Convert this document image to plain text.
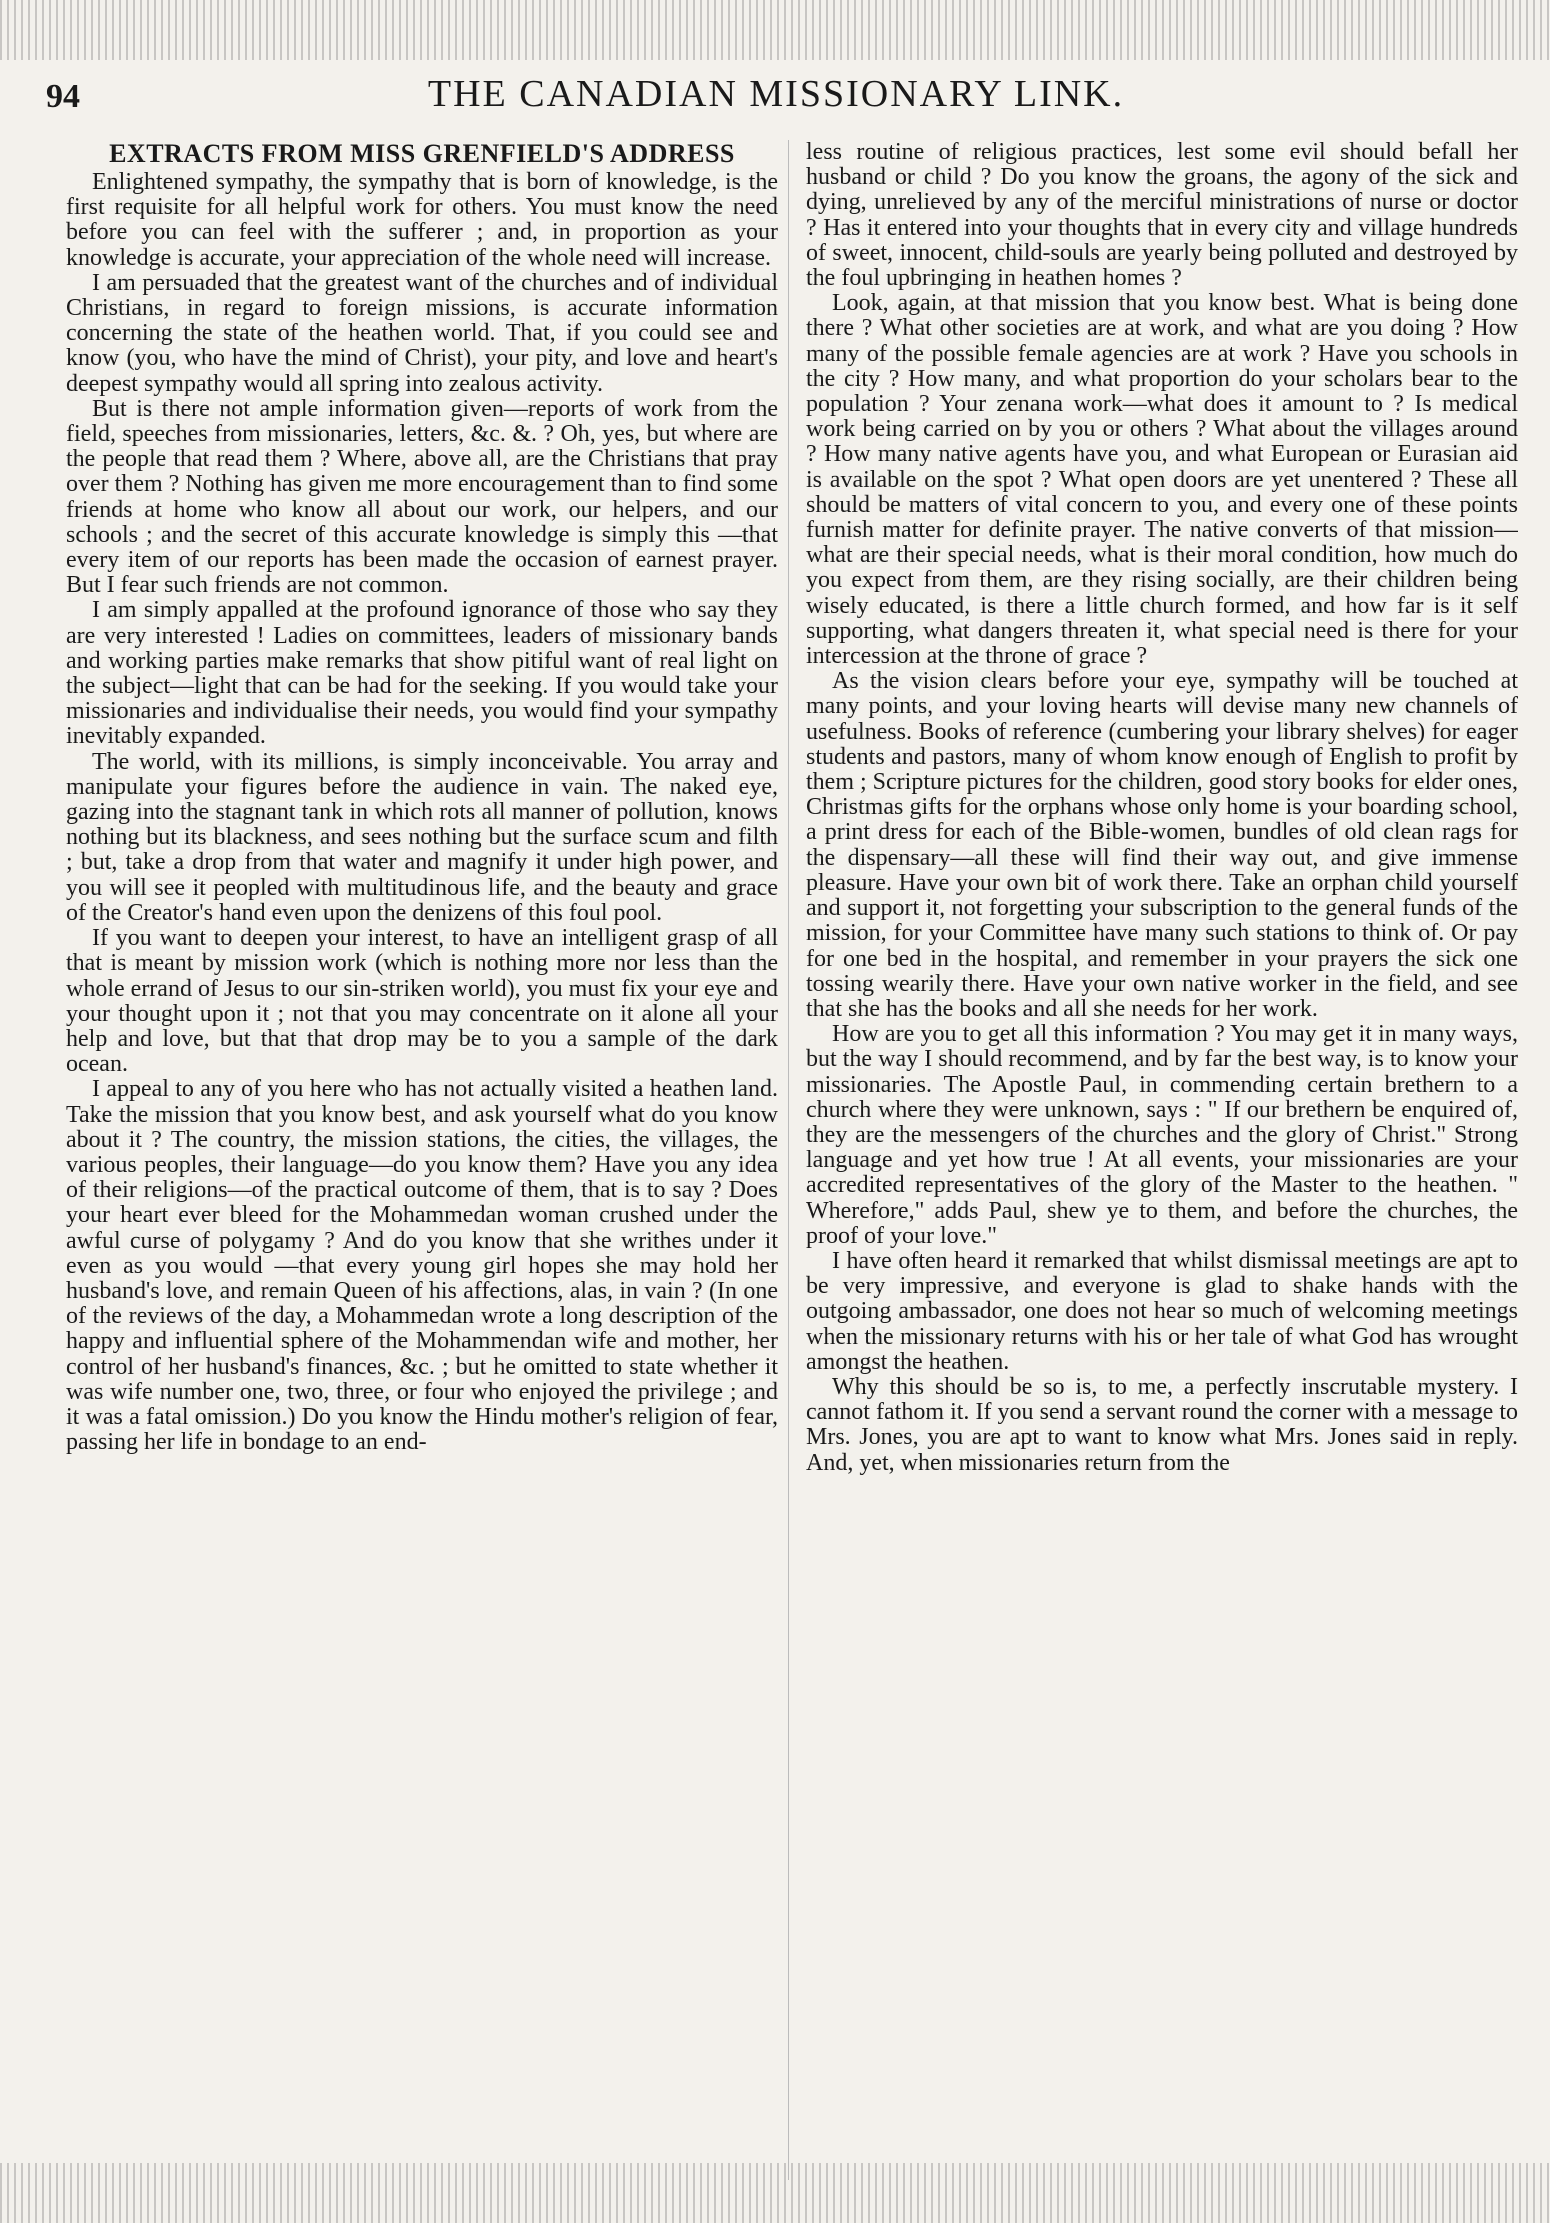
94	THE CANADIAN MISSIONARY LINK.
EXTRACTS FROM MISS GRENFIELD'S ADDRESS

Enlightened sympathy, the sympathy that is born of knowledge, is the first requisite for all helpful work for others. You must know the need before you can feel with the sufferer ; and, in proportion as your knowledge is accurate, your appreciation of the whole need will increase.

I am persuaded that the greatest want of the churches and of individual Christians, in regard to foreign missions, is accurate information concerning the state of the heathen world. That, if you could see and know (you, who have the mind of Christ), your pity, and love and heart's deepest sympathy would all spring into zealous activity.

But is there not ample information given—reports of work from the field, speeches from missionaries, letters, &c. &. ? Oh, yes, but where are the people that read them ? Where, above all, are the Christians that pray over them ? Nothing has given me more encouragement than to find some friends at home who know all about our work, our helpers, and our schools ; and the secret of this accurate knowledge is simply this —that every item of our reports has been made the occasion of earnest prayer. But I fear such friends are not common.

I am simply appalled at the profound ignorance of those who say they are very interested ! Ladies on committees, leaders of missionary bands and working parties make remarks that show pitiful want of real light on the subject—light that can be had for the seeking. If you would take your missionaries and individualise their needs, you would find your sympathy inevitably expanded.

The world, with its millions, is simply inconceivable. You array and manipulate your figures before the audience in vain. The naked eye, gazing into the stagnant tank in which rots all manner of pollution, knows nothing but its blackness, and sees nothing but the surface scum and filth ; but, take a drop from that water and magnify it under high power, and you will see it peopled with multitudinous life, and the beauty and grace of the Creator's hand even upon the denizens of this foul pool.

If you want to deepen your interest, to have an intelligent grasp of all that is meant by mission work (which is nothing more nor less than the whole errand of Jesus to our sin-striken world), you must fix your eye and your thought upon it ; not that you may concentrate on it alone all your help and love, but that that drop may be to you a sample of the dark ocean.

I appeal to any of you here who has not actually visited a heathen land. Take the mission that you know best, and ask yourself what do you know about it ? The country, the mission stations, the cities, the villages, the various peoples, their language—do you know them? Have you any idea of their religions—of the practical outcome of them, that is to say ? Does your heart ever bleed for the Mohammedan woman crushed under the awful curse of polygamy ? And do you know that she writhes under it even as you would —that every young girl hopes she may hold her husband's love, and remain Queen of his affections, alas, in vain ? (In one of the reviews of the day, a Mohammedan wrote a long description of the happy and influential sphere of the Mohammendan wife and mother, her control of her husband's finances, &c. ; but he omitted to state whether it was wife number one, two, three, or four who enjoyed the privilege ; and it was a fatal omission.) Do you know the Hindu mother's religion of fear, passing her life in bondage to an end-

less routine of religious practices, lest some evil should befall her husband or child ? Do you know the groans, the agony of the sick and dying, unrelieved by any of the merciful ministrations of nurse or doctor ? Has it entered into your thoughts that in every city and village hundreds of sweet, innocent, child-souls are yearly being polluted and destroyed by the foul upbringing in heathen homes ?

Look, again, at that mission that you know best. What is being done there ? What other societies are at work, and what are you doing ? How many of the possible female agencies are at work ? Have you schools in the city ? How many, and what proportion do your scholars bear to the population ? Your zenana work—what does it amount to ? Is medical work being carried on by you or others ? What about the villages around ? How many native agents have you, and what European or Eurasian aid is available on the spot ? What open doors are yet unentered ? These all should be matters of vital concern to you, and every one of these points furnish matter for definite prayer. The native converts of that mission—what are their special needs, what is their moral condition, how much do you expect from them, are they rising socially, are their children being wisely educated, is there a little church formed, and how far is it self supporting, what dangers threaten it, what special need is there for your intercession at the throne of grace ?

As the vision clears before your eye, sympathy will be touched at many points, and your loving hearts will devise many new channels of usefulness. Books of reference (cumbering your library shelves) for eager students and pastors, many of whom know enough of English to profit by them ; Scripture pictures for the children, good story books for elder ones, Christmas gifts for the orphans whose only home is your boarding school, a print dress for each of the Bible-women, bundles of old clean rags for the dispensary—all these will find their way out, and give immense pleasure. Have your own bit of work there. Take an orphan child yourself and support it, not forgetting your subscription to the general funds of the mission, for your Committee have many such stations to think of. Or pay for one bed in the hospital, and remember in your prayers the sick one tossing wearily there. Have your own native worker in the field, and see that she has the books and all she needs for her work.

How are you to get all this information ? You may get it in many ways, but the way I should recommend, and by far the best way, is to know your missionaries. The Apostle Paul, in commending certain brethern to a church where they were unknown, says : " If our brethern be enquired of, they are the messengers of the churches and the glory of Christ." Strong language and yet how true ! At all events, your missionaries are your accredited representatives of the glory of the Master to the heathen. " Wherefore," adds Paul, shew ye to them, and before the churches, the proof of your love."

I have often heard it remarked that whilst dismissal meetings are apt to be very impressive, and everyone is glad to shake hands with the outgoing ambassador, one does not hear so much of welcoming meetings when the missionary returns with his or her tale of what God has wrought amongst the heathen.

Why this should be so is, to me, a perfectly inscrutable mystery. I cannot fathom it. If you send a servant round the corner with a message to Mrs. Jones, you are apt to want to know what Mrs. Jones said in reply. And, yet, when missionaries return from the
